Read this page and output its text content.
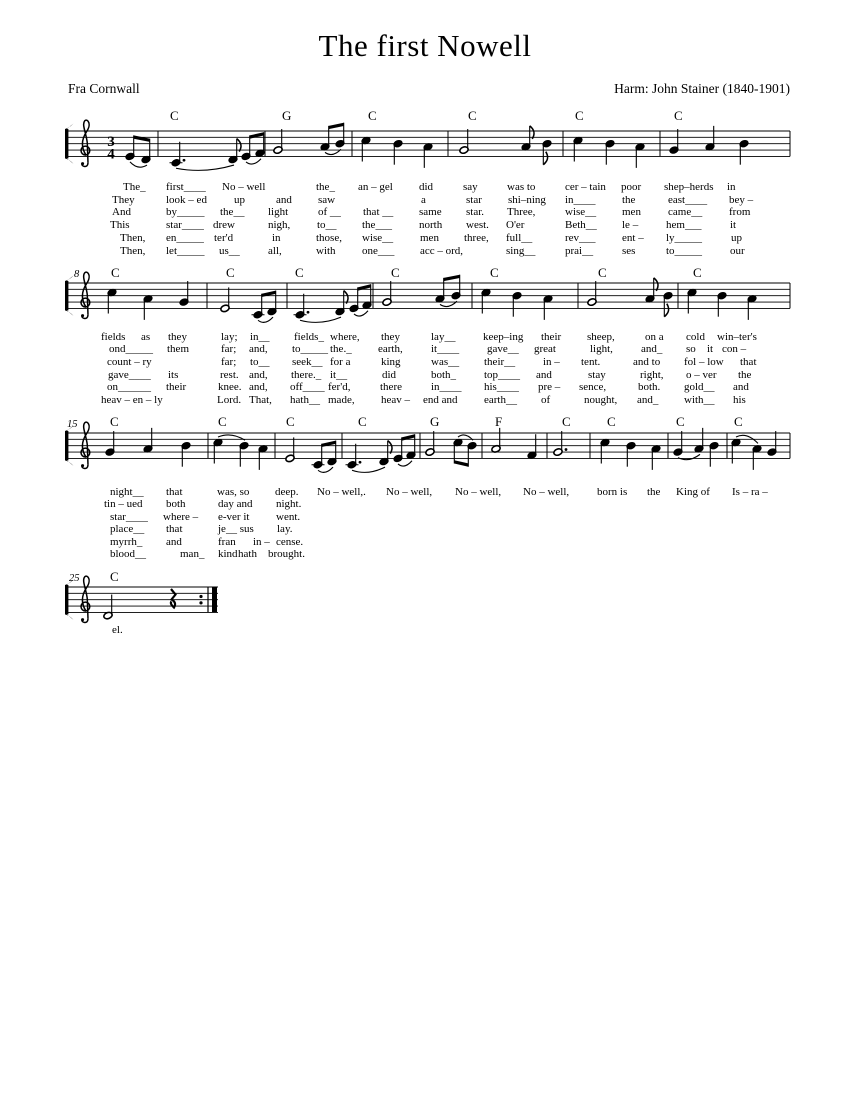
The first Nowell
Fra Cornwall	Harm: John Stainer (1840-1901)
3
4
C	G	C	C	C	C
The_ first____ No – well	the_ an – gel did	say	was to	cer – tain poor shep–herds in
They	look – ed up	and saw	a	star shi–ning in____ the	east____ bey –
And	by_____ the__ light	of __ that __ same star. Three,	wise__ men came__ from
This	star____ drew	nigh, to__ the___ north west. O'er	Beth__ le –	hem___	it
Then, en_____ ter'd	in	those, wise__ men three, full__	rev___ ent – ly_____	up
Then, let_____ us__	all,	with one___ acc – ord,	sing__	prai__	ses	to_____	our
8 C	C	C	C	C	C	C
fields as they	lay; in__ fields_ where, they	lay__	keep–ing their sheep,	on a cold win–ter's
ond_____ them	far; and, to_____ the._ earth,	it____	gave__ great	light,	and_ so it con –
count – ry	far; to__ seek__ for a	king	was__ their__	in – tent.	and to fol – low that
gave____ its	rest. and, there._ it__	did	both_	top____ and	stay	right, o – ver the
on______ their	knee. and, off____ fer'd,	there	in____ his____ pre – sence,	both. gold__ and
heav – en – ly	Lord. That, hath__ made, heav – end and earth__ of	nought, and_ with__ his
15	C	C	C	C	G	F	C	C	C	C
night__ that	was, so deep. No – well,. No – well, No – well, No – well,	born is the King of Is – ra –
tin – ued both	day and night.
star____ where – e-ver it went.
place__ that	je__ sus lay.
myrrh_ and	fran in – cense.
blood__	man_ kind hath brought.
25 C
el.
